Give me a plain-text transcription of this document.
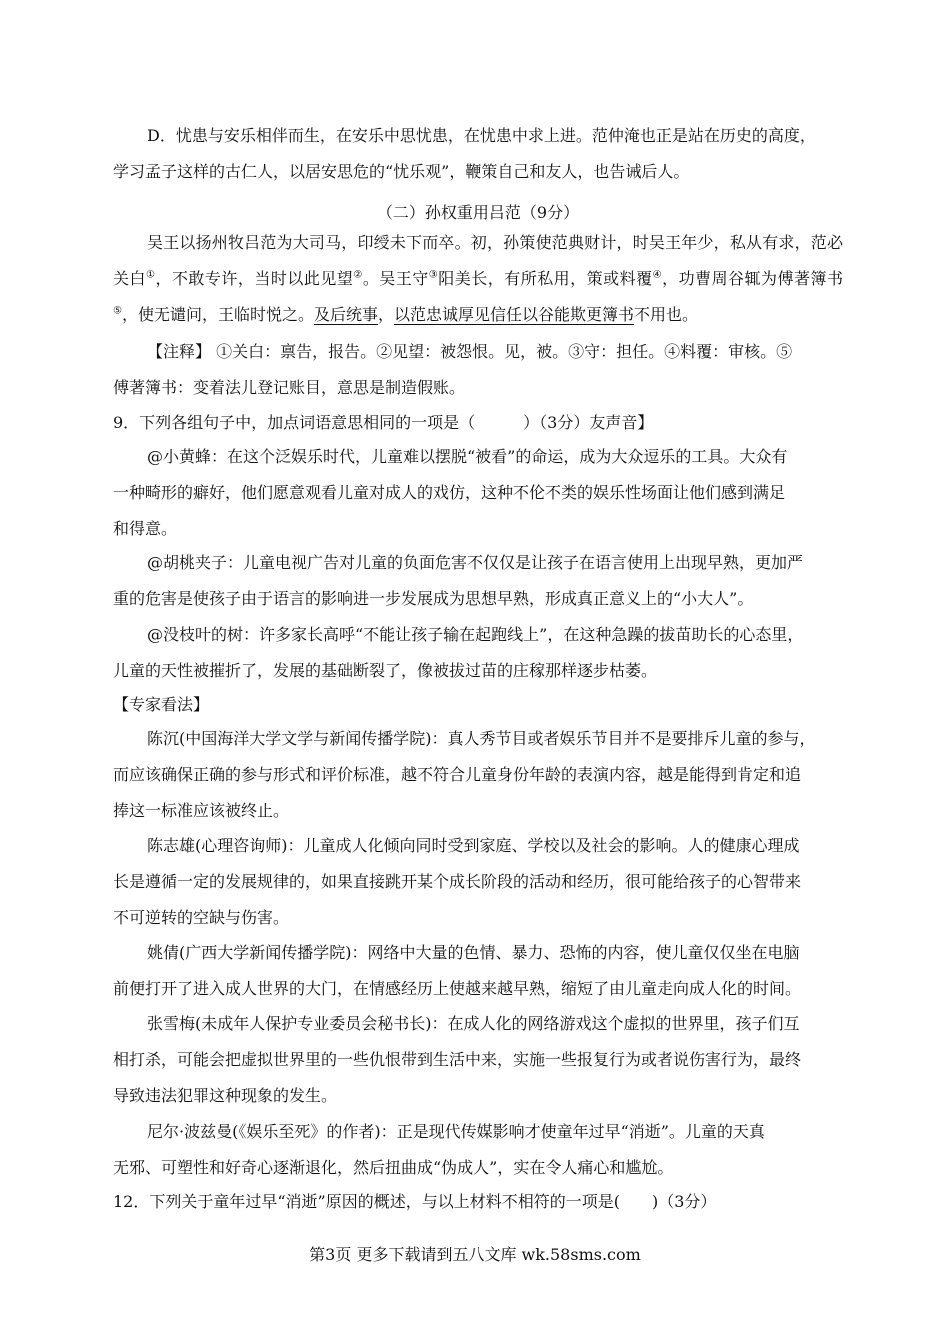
D．忧患与安乐相伴而生，在安乐中思忧患，在忧患中求上进。范仲淹也正是站在历史的高度，
学习孟子这样的古仁人，以居安思危的“忧乐观”，鞭策自己和友人，也告诫后人。
（二）孙权重用吕范（9分）
吴王以扬州牧吕范为大司马，印绶未下而卒。初，孙策使范典财计，时吴王年少，私从有求，范必关白①，不敢专许，当时以此见望②。吴王守③阳美长，有所私用，策或料覆④，功曹周谷辄为傅著簿书⑤，使无谴问，王临时悦之。及后统事，以范忠诚厚见信任以谷能欺更簿书不用也。
【注释】 ①关白：禀告，报告。②见望：被怨恨。见，被。③守：担任。④料覆：审核。⑤
傅著簿书：变着法儿登记账目，意思是制造假账。
9．下列各组句子中，加点词语意思相同的一项是（　　　）（3分）友声音】
@小黄蜂：在这个泛娱乐时代，儿童难以摆脱“被看”的命运，成为大众逗乐的工具。大众有
一种畸形的癖好，他们愿意观看儿童对成人的戏仿，这种不伦不类的娱乐性场面让他们感到满足
和得意。
@胡桃夹子：儿童电视广告对儿童的负面危害不仅仅是让孩子在语言使用上出现早熟，更加严
重的危害是使孩子由于语言的影响进一步发展成为思想早熟，形成真正意义上的“小大人”。
@没枝叶的树：许多家长高呼“不能让孩子输在起跑线上”，在这种急躁的拔苗助长的心态里，
儿童的天性被摧折了，发展的基础断裂了，像被拔过苗的庄稼那样逐步枯萎。
【专家看法】
陈沉(中国海洋大学文学与新闻传播学院)：真人秀节目或者娱乐节目并不是要排斥儿童的参与，
而应该确保正确的参与形式和评价标准，越不符合儿童身份年龄的表演内容，越是能得到肯定和追
捧这一标准应该被终止。
陈志雄(心理咨询师)：儿童成人化倾向同时受到家庭、学校以及社会的影响。人的健康心理成
长是遵循一定的发展规律的，如果直接跳开某个成长阶段的活动和经历，很可能给孩子的心智带来
不可逆转的空缺与伤害。
姚倩(广西大学新闻传播学院)：网络中大量的色情、暴力、恐怖的内容，使儿童仅仅坐在电脑
前便打开了进入成人世界的大门，在情感经历上使越来越早熟，缩短了由儿童走向成人化的时间。
张雪梅(未成年人保护专业委员会秘书长)：在成人化的网络游戏这个虚拟的世界里，孩子们互
相打杀，可能会把虚拟世界里的一些仇恨带到生活中来，实施一些报复行为或者说伤害行为，最终
导致违法犯罪这种现象的发生。
尼尔·波兹曼(《娱乐至死》的作者)：正是现代传媒影响才使童年过早“消逝”。儿童的天真
无邪、可塑性和好奇心逐渐退化，然后扭曲成“伪成人”，实在令人痛心和尴尬。
12．下列关于童年过早“消逝”原因的概述，与以上材料不相符的一项是(　　)（3分）
第3页 更多下载请到五八文库 wk.58sms.com
